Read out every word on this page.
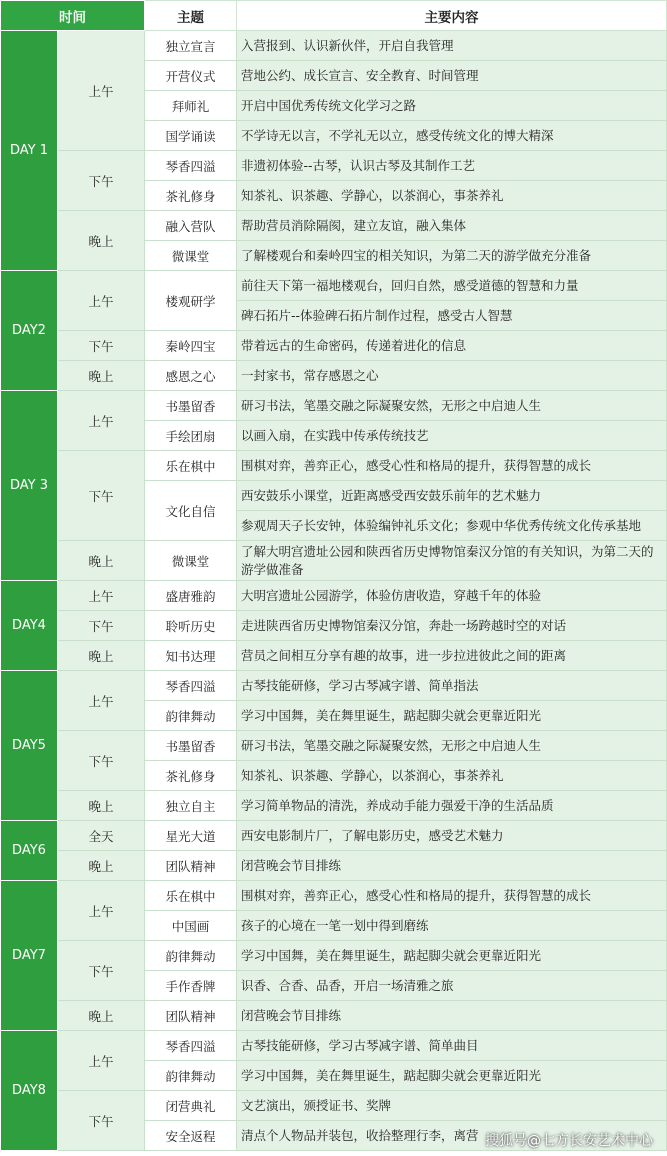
时间		主题	主要内容
DAY 1	上午	独立宣言	入营报到、认识新伙伴，开启自我管理
		开营仪式	营地公约、成长宣言、安全教育、时间管理
		拜师礼	开启中国优秀传统文化学习之路
		国学诵读	不学诗无以言，不学礼无以立，感受传统文化的博大精深
	下午	琴香四溢	非遗初体验--古琴，认识古琴及其制作工艺
		茶礼修身	知茶礼、识茶趣、学静心，以茶润心，事茶养礼
	晚上	融入营队	帮助营员消除隔阂，建立友谊，融入集体
		微课堂	了解楼观台和秦岭四宝的相关知识，为第二天的游学做充分准备
DAY2	上午	楼观研学	前往天下第一福地楼观台，回归自然，感受道德的智慧和力量
			碑石拓片--体验碑石拓片制作过程，感受古人智慧
	下午	秦岭四宝	带着远古的生命密码，传递着进化的信息
	晚上	感恩之心	一封家书，常存感恩之心
DAY 3	上午	书墨留香	研习书法，笔墨交融之际凝聚安然，无形之中启迪人生
		手绘团扇	以画入扇，在实践中传承传统技艺
	下午	乐在棋中	围棋对弈，善弈正心，感受心性和格局的提升，获得智慧的成长
		文化自信	西安鼓乐小课堂，近距离感受西安鼓乐前年的艺术魅力
			参观周天子长安钟，体验编钟礼乐文化；参观中华优秀传统文化传承基地
	晚上	微课堂	了解大明宫遗址公园和陕西省历史博物馆秦汉分馆的有关知识，为第二天的游学做准备
DAY4	上午	盛唐雅韵	大明宫遗址公园游学，体验仿唐收造，穿越千年的体验
	下午	聆听历史	走进陕西省历史博物馆秦汉分馆，奔赴一场跨越时空的对话
	晚上	知书达理	营员之间相互分享有趣的故事，进一步拉进彼此之间的距离
DAY5	上午	琴香四溢	古琴技能研修，学习古琴减字谱、简单指法
		韵律舞动	学习中国舞，美在舞里诞生，踮起脚尖就会更靠近阳光
	下午	书墨留香	研习书法，笔墨交融之际凝聚安然，无形之中启迪人生
		茶礼修身	知茶礼、识茶趣、学静心，以茶润心，事茶养礼
	晚上	独立自主	学习简单物品的清洗，养成动手能力强爱干净的生活品质
DAY6	全天	星光大道	西安电影制片厂，了解电影历史，感受艺术魅力
	晚上	团队精神	闭营晚会节目排练
DAY7	上午	乐在棋中	围棋对弈，善弈正心，感受心性和格局的提升，获得智慧的成长
		中国画	孩子的心境在一笔一划中得到磨练
	下午	韵律舞动	学习中国舞，美在舞里诞生，踮起脚尖就会更靠近阳光
		手作香牌	识香、合香、品香，开启一场清雅之旅
	晚上	团队精神	闭营晚会节目排练
DAY8	上午	琴香四溢	古琴技能研修，学习古琴减字谱、简单曲目
		韵律舞动	学习中国舞，美在舞里诞生，踮起脚尖就会更靠近阳光
	下午	闭营典礼	文艺演出，颁授证书、奖牌
		安全返程	清点个人物品并装包，收拾整理行李，离营 搜狐号@七方长安艺术中心
